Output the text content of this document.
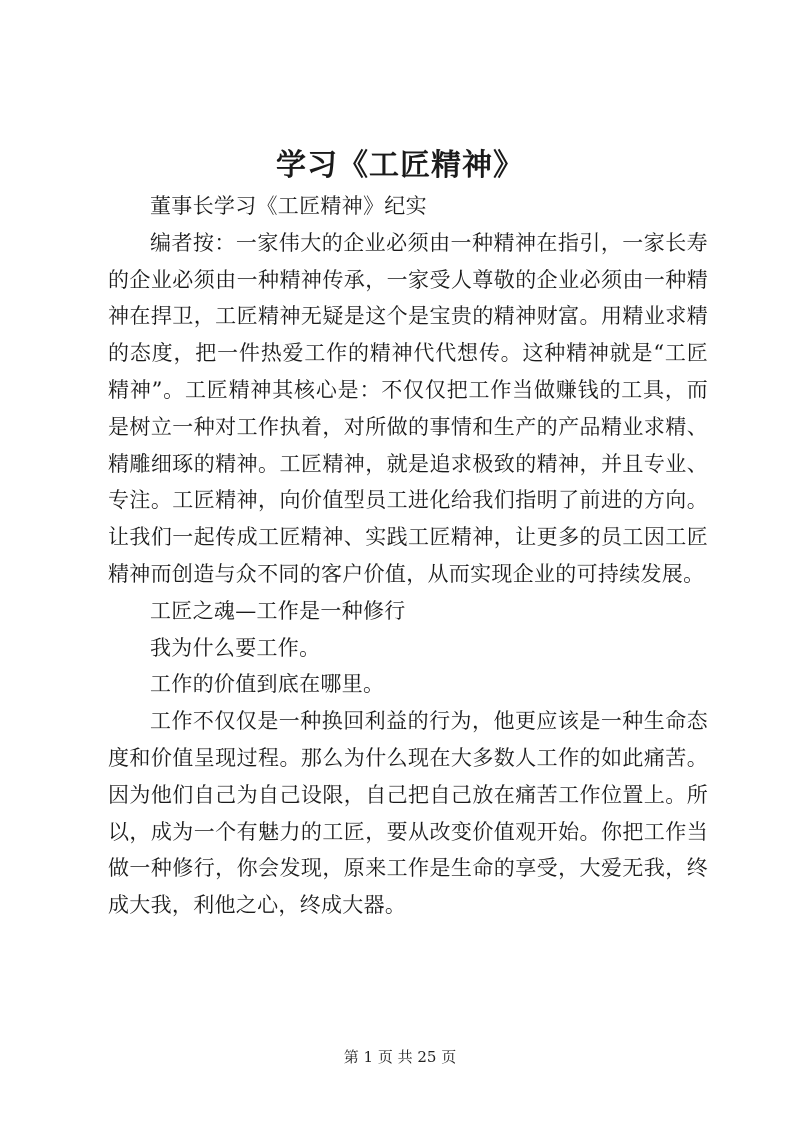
学习《工匠精神》

董事长学习《工匠精神》纪实

编者按：一家伟大的企业必须由一种精神在指引，一家长寿的企业必须由一种精神传承，一家受人尊敬的企业必须由一种精神在捍卫，工匠精神无疑是这个是宝贵的精神财富。用精业求精的态度，把一件热爱工作的精神代代想传。这种精神就是“工匠精神”。工匠精神其核心是：不仅仅把工作当做赚钱的工具，而是树立一种对工作执着，对所做的事情和生产的产品精业求精、精雕细琢的精神。工匠精神，就是追求极致的精神，并且专业、专注。工匠精神，向价值型员工进化给我们指明了前进的方向。让我们一起传成工匠精神、实践工匠精神，让更多的员工因工匠精神而创造与众不同的客户价值，从而实现企业的可持续发展。

工匠之魂—工作是一种修行

我为什么要工作。

工作的价值到底在哪里。

工作不仅仅是一种换回利益的行为，他更应该是一种生命态度和价值呈现过程。那么为什么现在大多数人工作的如此痛苦。因为他们自己为自己设限，自己把自己放在痛苦工作位置上。所以，成为一个有魅力的工匠，要从改变价值观开始。你把工作当做一种修行，你会发现，原来工作是生命的享受，大爱无我，终成大我，利他之心，终成大器。

第 1 页 共 25 页
